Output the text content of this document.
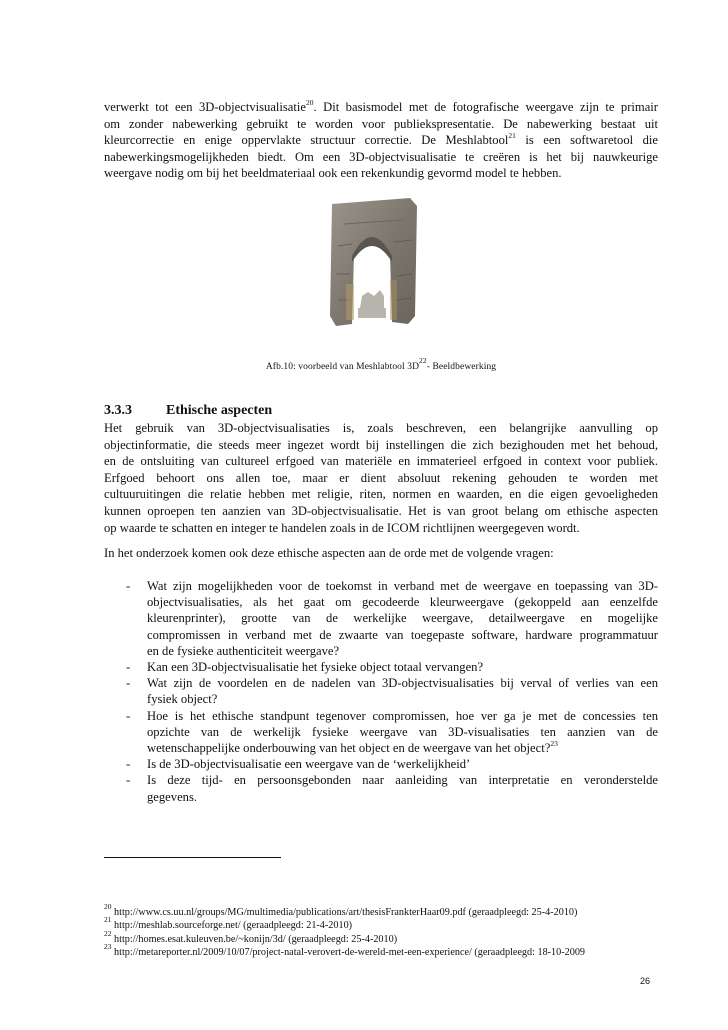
verwerkt tot een 3D-objectvisualisatie$^{20}$. Dit basismodel met de fotografische weergave zijn te primair
om zonder nabewerking gebruikt te worden voor publiekspresentatie. De nabewerking bestaat uit
kleurcorrectie en enige oppervlakte structuur correctie. De Meshlabtool$^{21}$ is een softwaretool die
nabewerkingsmogelijkheden biedt. Om een 3D-objectvisualisatie te creëren is het bij nauwkeurige
weergave nodig om bij het beeldmateriaal ook een rekenkundig gevormd model te hebben.
Afb.10: voorbeeld van Meshlabtool $3D^{22}-$ Beeldbewerking
3.3.3 Ethische aspecten
Het gebruik van 3D-objectvisualisaties is, zoals beschreven, een belangrijke aanvulling op
objectinformatie, die steeds meer ingezet wordt bij instellingen die zich bezighouden met het behoud,
en de ontsluiting van cultureel erfgoed van materiële en immaterieel erfgoed in context voor publiek.
Erfgoed behoort ons allen toe, maar er dient absoluut rekening gehouden te worden met
cultuuruitingen die relatie hebben met religie, riten, normen en waarden, en die eigen gevoeligheden
kunnen oproepen ten aanzien van 3D-objectvisualisatie. Het is van groot belang om ethische aspecten
op waarde te schatten en integer te handelen zoals in de ICOM richtlijnen weergegeven wordt.
In het onderzoek komen ook deze ethische aspecten aan de orde met de volgende vragen:
- Wat zijn mogelijkheden voor de toekomst in verband met de weergave en toepassing van 3D-
objectvisualisaties, als het gaat om gecodeerde kleurweergave (gekoppeld aan eenzelfde
kleurenprinter), grootte van de werkelijke weergave, detailweergave en mogelijke
compromissen in verband met de zwaarte van toegepaste software, hardware programmatuur
en de fysieke authenticiteit weergave?
- Kan een 3D-objectvisualisatie het fysieke object totaal vervangen?
- Wat zijn de voordelen en de nadelen van 3D-objectvisualisaties bij verval of verlies van een
fysiek object?
- Hoe is het ethische standpunt tegenover compromissen, hoe ver ga je met de concessies ten
opzichte van de werkelijk fysieke weergave van 3D-visualisaties ten aanzien van de
wetenschappelijke onderbouwing van het object en de weergave van het object?$^{23}$
- Is de 3D-objectvisualisatie een weergave van de ‘werkelijkheid’
- Is deze tijd- en persoonsgebonden naar aanleiding van interpretatie en veronderstelde
gegevens.
$^{20}$ http://www.cs.uu.nl/groups/MG/multimedia/publications/art/thesisFrankterHaar09.pdf (geraadpleegd: 25-4-2010)
$^{21}$ http://meshlab.sourceforge.net/ (geraadpleegd: 21-4-2010)
$^{22}$ http://homes.esat.kuleuven.be/~konijn/3d/ (geraadpleegd: 25-4-2010)
$^{23}$ http://metareporter.nl/2009/10/07/project-natal-verovert-de-wereld-met-een-experience/ (geraadpleegd: 18-10-2009
26
